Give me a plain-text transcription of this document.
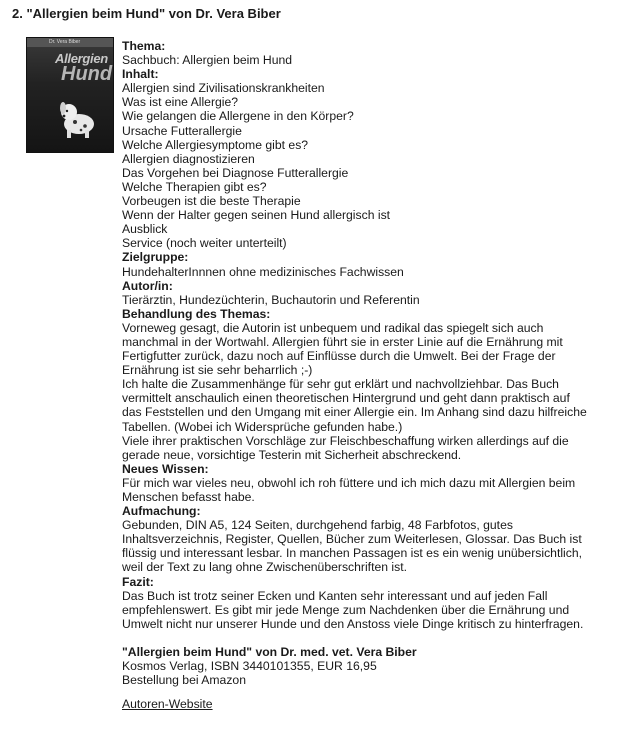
2. "Allergien beim Hund" von Dr. Vera Biber
Dr. Vera Biber
Allergien
Hund
Thema:
Sachbuch: Allergien beim Hund
Inhalt:
Allergien sind Zivilisationskrankheiten
Was ist eine Allergie?
Wie gelangen die Allergene in den Körper?
Ursache Futterallergie
Welche Allergiesymptome gibt es?
Allergien diagnostizieren
Das Vorgehen bei Diagnose Futterallergie
Welche Therapien gibt es?
Vorbeugen ist die beste Therapie
Wenn der Halter gegen seinen Hund allergisch ist
Ausblick
Service (noch weiter unterteilt)
Zielgruppe:
HundehalterInnnen ohne medizinisches Fachwissen
Autor/in:
Tierärztin, Hundezüchterin, Buchautorin und Referentin
Behandlung des Themas:
Vorneweg gesagt, die Autorin ist unbequem und radikal das spiegelt sich auch
manchmal in der Wortwahl. Allergien führt sie in erster Linie auf die Ernährung mit
Fertigfutter zurück, dazu noch auf Einflüsse durch die Umwelt. Bei der Frage der
Ernährung ist sie sehr beharrlich ;-)
Ich halte die Zusammenhänge für sehr gut erklärt und nachvollziehbar. Das Buch
vermittelt anschaulich einen theoretischen Hintergrund und geht dann praktisch auf
das Feststellen und den Umgang mit einer Allergie ein. Im Anhang sind dazu hilfreiche
Tabellen. (Wobei ich Widersprüche gefunden habe.)
Viele ihrer praktischen Vorschläge zur Fleischbeschaffung wirken allerdings auf die
gerade neue, vorsichtige Testerin mit Sicherheit abschreckend.
Neues Wissen:
Für mich war vieles neu, obwohl ich roh füttere und ich mich dazu mit Allergien beim
Menschen befasst habe.
Aufmachung:
Gebunden, DIN A5, 124 Seiten, durchgehend farbig, 48 Farbfotos, gutes
Inhaltsverzeichnis, Register, Quellen, Bücher zum Weiterlesen, Glossar. Das Buch ist
flüssig und interessant lesbar. In manchen Passagen ist es ein wenig unübersichtlich,
weil der Text zu lang ohne Zwischenüberschriften ist.
Fazit:
Das Buch ist trotz seiner Ecken und Kanten sehr interessant und auf jeden Fall
empfehlenswert. Es gibt mir jede Menge zum Nachdenken über die Ernährung und
Umwelt nicht nur unserer Hunde und den Anstoss viele Dinge kritisch zu hinterfragen.
"Allergien beim Hund" von Dr. med. vet. Vera Biber
Kosmos Verlag, ISBN 3440101355, EUR 16,95
Bestellung bei Amazon
Autoren-Website
